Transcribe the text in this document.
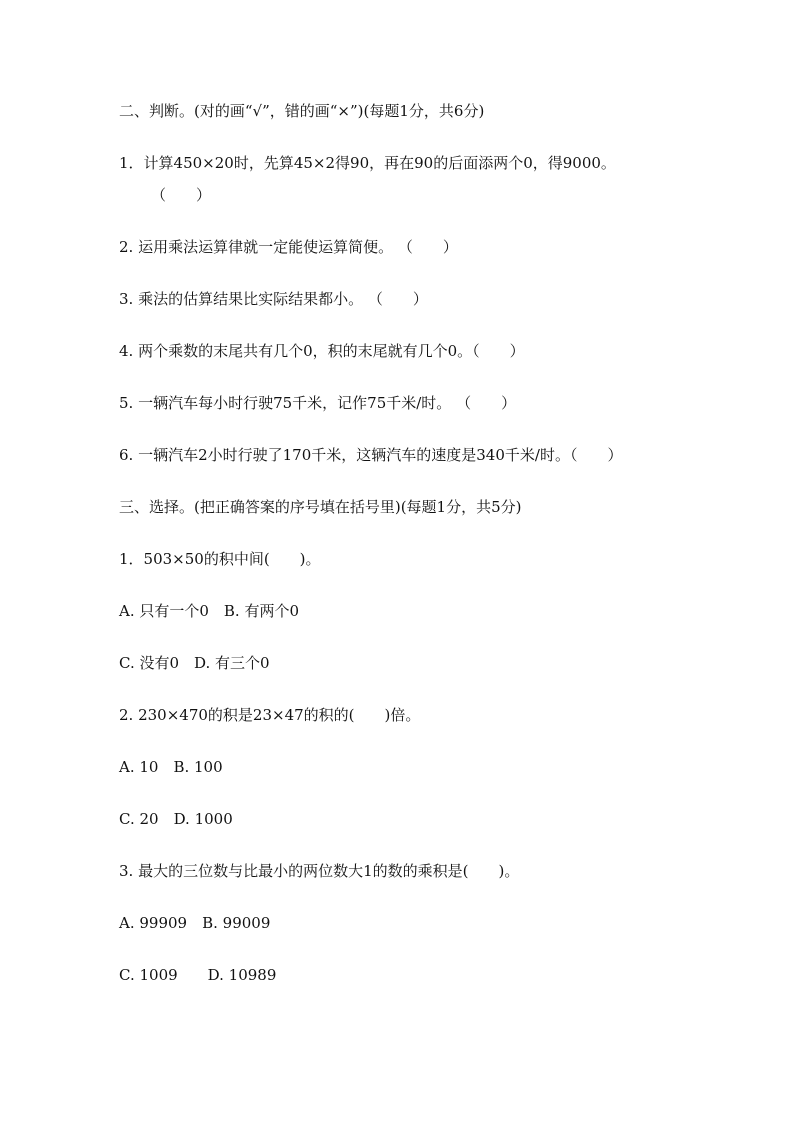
二、判断。(对的画“√”，错的画“×”)(每题1分，共6分)
1．计算450×20时，先算45×2得90，再在90的后面添两个0，得9000。
（　　）
2. 运用乘法运算律就一定能使运算简便。 （　　）
3. 乘法的估算结果比实际结果都小。 （　　）
4. 两个乘数的末尾共有几个0，积的末尾就有几个0。（　　）
5. 一辆汽车每小时行驶75千米，记作75千米/时。 （　　）
6. 一辆汽车2小时行驶了170千米，这辆汽车的速度是340千米/时。（　　）
三、选择。(把正确答案的序号填在括号里)(每题1分，共5分)
1．503×50的积中间(　　)。
A. 只有一个0　B. 有两个0
C. 没有0　D. 有三个0
2. 230×470的积是23×47的积的(　　)倍。
A. 10　B. 100
C. 20　D. 1000
3. 最大的三位数与比最小的两位数大1的数的乘积是(　　)。
A. 99909　B. 99009
C. 1009　　D. 10989
